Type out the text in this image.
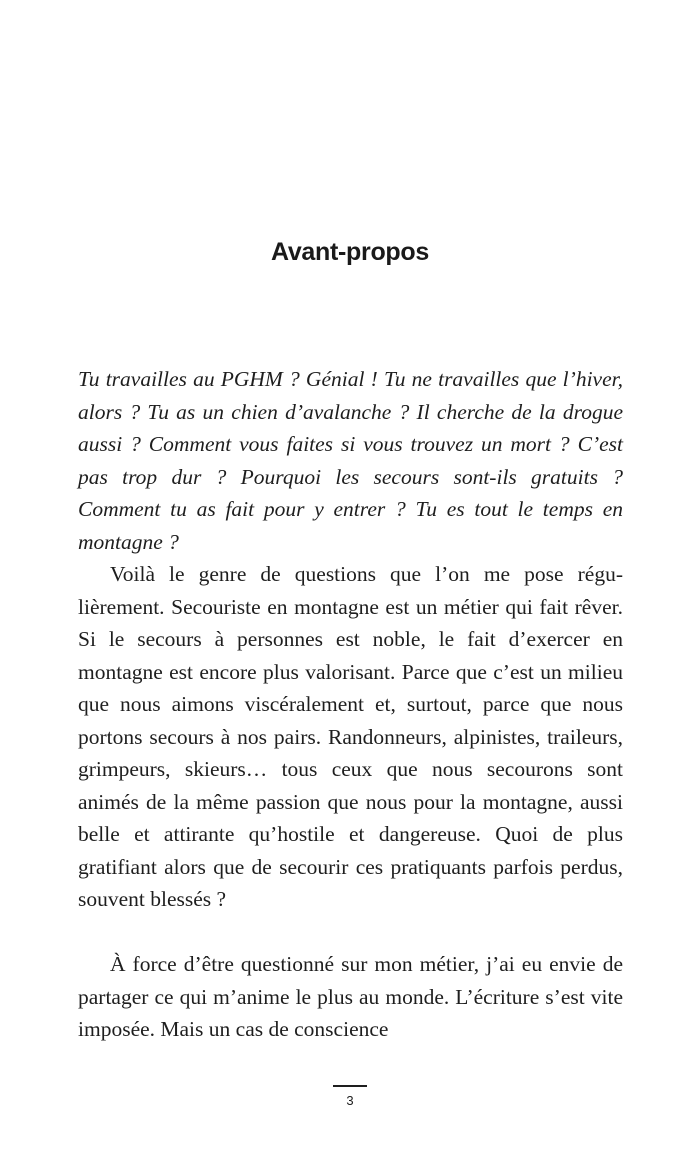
Avant-propos

Tu travailles au PGHM ? Génial ! Tu ne travailles que l’hiver, alors ? Tu as un chien d’avalanche ? Il cherche de la drogue aussi ? Comment vous faites si vous trouvez un mort ? C’est pas trop dur ? Pourquoi les secours sont-ils gratuits ? Comment tu as fait pour y entrer ? Tu es tout le temps en montagne ?

Voilà le genre de questions que l’on me pose régulièrement. Secouriste en montagne est un métier qui fait rêver. Si le secours à personnes est noble, le fait d’exercer en montagne est encore plus valorisant. Parce que c’est un milieu que nous aimons viscéralement et, surtout, parce que nous portons secours à nos pairs. Randonneurs, alpinistes, traileurs, grimpeurs, skieurs… tous ceux que nous secourons sont animés de la même passion que nous pour la montagne, aussi belle et attirante qu’hostile et dangereuse. Quoi de plus gratifiant alors que de secourir ces pratiquants parfois perdus, souvent blessés ?

À force d’être questionné sur mon métier, j’ai eu envie de partager ce qui m’anime le plus au monde. L’écriture s’est vite imposée. Mais un cas de conscience

3
